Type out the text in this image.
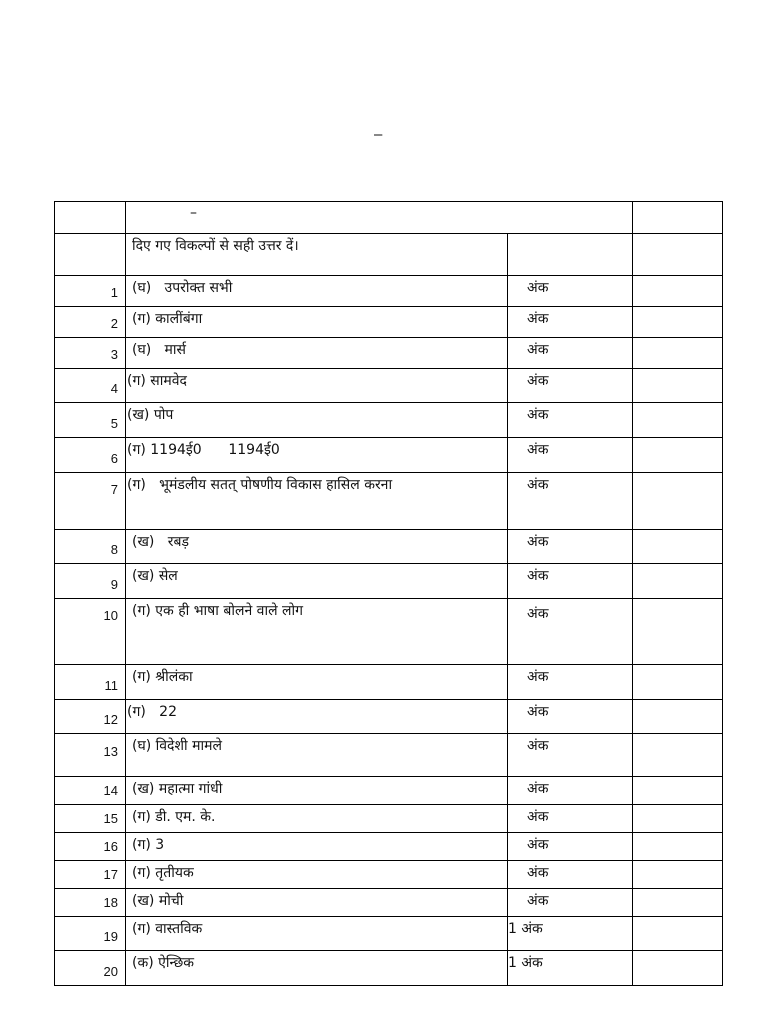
–
	–		
	दिए गए विकल्पों से सही उत्तर दें।		
1	(घ)   उपरोक्त सभी	अंक	
2	(ग) कालींबंगा	अंक	
3	(घ)   मार्स	अंक	
4	(ग) सामवेद	अंक	
5	(ख) पोप	अंक	
6	(ग) 1194ई0      1194ई0	अंक	
7	(ग)   भूमंडलीय सतत् पोषणीय विकास हासिल करना	अंक	
8	(ख)   रबड़	अंक	
9	(ख) सेल	अंक	
10	(ग) एक ही भाषा बोलने वाले लोग	अंक	
11	(ग) श्रीलंका	अंक	
12	(ग)   22	अंक	
13	(घ) विदेशी मामले	अंक	
14	(ख) महात्मा गांधी	अंक	
15	(ग) डी. एम. के.	अंक	
16	(ग) 3	अंक	
17	(ग) तृतीयक	अंक	
18	(ख) मोची	अंक	
19	(ग) वास्तविक	1 अंक	
20	(क) ऐन्छिक	1 अंक	
